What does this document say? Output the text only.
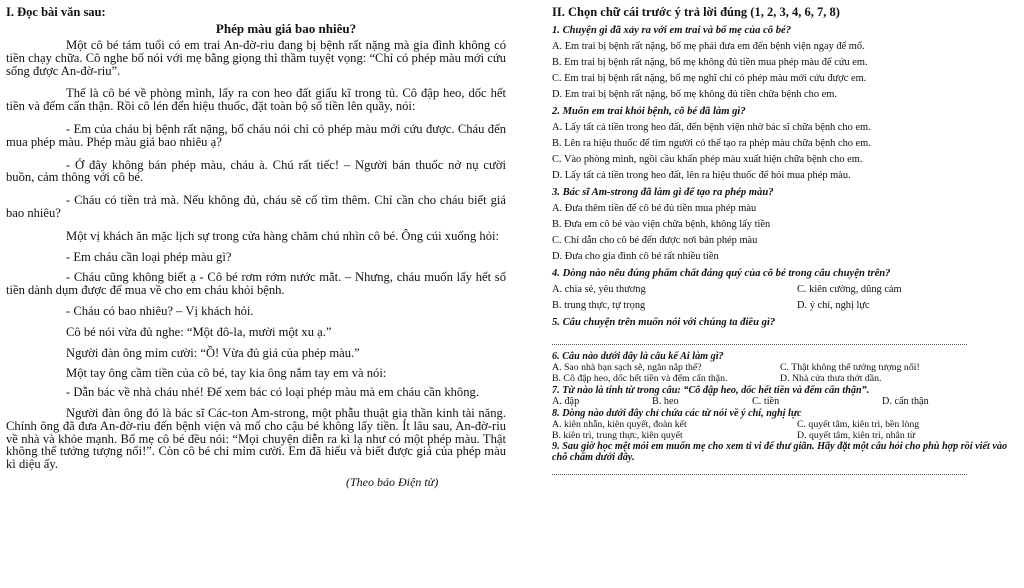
I. Đọc bài văn sau:
Phép màu giá bao nhiêu?
Một cô bé tám tuổi có em trai An-đờ-riu đang bị bệnh rất nặng mà gia đình không có tiền chạy chữa. Cô nghe bố nói với mẹ bằng giọng thì thầm tuyệt vọng: “Chỉ có phép màu mới cứu sống được An-đờ-riu”.
Thế là cô bé về phòng mình, lấy ra con heo đất giấu kĩ trong tủ. Cô đập heo, dốc hết tiền và đếm cẩn thận. Rồi cô lén đến hiệu thuốc, đặt toàn bộ số tiền lên quầy, nói:
- Em của cháu bị bệnh rất nặng, bố cháu nói chỉ có phép màu mới cứu được. Cháu đến mua phép màu. Phép màu giá bao nhiêu ạ?
- Ở đây không bán phép màu, cháu à. Chú rất tiếc! – Người bán thuốc nở nụ cười buồn, cảm thông với cô bé.
- Cháu có tiền trả mà. Nếu không đủ, cháu sẽ cố tìm thêm. Chỉ cần cho cháu biết giá bao nhiêu?
Một vị khách ăn mặc lịch sự trong cửa hàng chăm chú nhìn cô bé. Ông cúi xuống hỏi:
- Em cháu cần loại phép màu gì?
- Cháu cũng không biết ạ - Cô bé rơm rớm nước mắt. – Nhưng, cháu muốn lấy hết số tiền dành dụm được để mua về cho em cháu khỏi bệnh.
- Cháu có bao nhiêu? – Vị khách hỏi.
Cô bé nói vừa đủ nghe: “Một đô-la, mười một xu ạ.”
Người đàn ông mỉm cười: “Ồ! Vừa đủ giá của phép màu.”
Một tay ông cầm tiền của cô bé, tay kia ông nắm tay em và nói:
- Dẫn bác về nhà cháu nhé! Để xem bác có loại phép màu mà em cháu cần không.
Người đàn ông đó là bác sĩ Các-ton Am-strong, một phẫu thuật gia thần kinh tài năng. Chính ông đã đưa An-đờ-riu đến bệnh viện và mổ cho cậu bé không lấy tiền. Ít lâu sau, An-đờ-riu về nhà và khỏe mạnh. Bố mẹ cô bé đều nói: “Mọi chuyện diễn ra kì lạ như có một phép màu. Thật không thể tưởng tượng nổi!”. Còn cô bé chỉ mỉm cười. Em đã hiểu và biết được giá của phép màu kì diệu ấy.
(Theo báo Điện tử)
II. Chọn chữ cái trước ý trả lời đúng (1, 2, 3, 4, 6, 7, 8)
1. Chuyện gì đã xảy ra với em trai và bố mẹ của cô bé?
A. Em trai bị bệnh rất nặng, bố mẹ phải đưa em đến bệnh viện ngay để mổ.
B. Em trai bị bệnh rất nặng, bố mẹ không đủ tiền mua phép màu để cứu em.
C. Em trai bị bệnh rất nặng, bố mẹ nghĩ chỉ có phép màu mới cứu được em.
D. Em trai bị bệnh rất nặng, bố mẹ không đủ tiền chữa bệnh cho em.
2. Muốn em trai khỏi bệnh, cô bé đã làm gì?
A. Lấy tất cả tiền trong heo đất, đến bệnh viện nhờ bác sĩ chữa bệnh cho em.
B. Lên ra hiệu thuốc để tìm người có thể tạo ra phép màu chữa bệnh cho em.
C. Vào phòng mình, ngồi cầu khấn phép màu xuất hiện chữa bệnh cho em.
D. Lấy tất cả tiền trong heo đất, lên ra hiệu thuốc để hỏi mua phép màu.
3. Bác sĩ Am-strong đã làm gì để tạo ra phép màu?
A. Đưa thêm tiền để cô bé đủ tiền mua phép màu
B. Đưa em cô bé vào viện chữa bệnh, không lấy tiền
C. Chỉ dẫn cho cô bé đến được nơi bán phép màu
D. Đưa cho gia đình cô bé rất nhiều tiền
4. Dòng nào nêu đúng phẩm chất đáng quý của cô bé trong câu chuyện trên?
A. chia sẻ, yêu thương	C. kiên cường, dũng cảm
B. trung thực, tự trọng	D. ý chí, nghị lực
5. Câu chuyện trên muốn nói với chúng ta điều gì?
6. Câu nào dưới đây là câu kể Ai làm gì?
A. Sao nhà bạn sạch sẽ, ngăn nắp thế?	C. Thật không thể tưởng tượng nổi!
B. Cô đập heo, dốc hết tiền và đếm cẩn thận.	D. Nhà cửa thưa thớt dần.
7. Từ nào là tính từ trong câu: “Cô đập heo, dốc hết tiền và đếm cẩn thận”.
A. đập	B. heo	C. tiền	D. cẩn thận
8. Dòng nào dưới đây chỉ chứa các từ nói về ý chí, nghị lực
A. kiên nhẫn, kiên quyết, đoàn kết	C. quyết tâm, kiên trì, bền lòng
B. kiên trì, trung thực, kiên quyết	D. quyết tâm, kiên trì, nhân từ
9. Sau giờ học mệt mỏi em muốn mẹ cho xem ti vi để thư giãn. Hãy đặt một câu hỏi cho phù hợp rồi viết vào chỗ chấm dưới đây.
